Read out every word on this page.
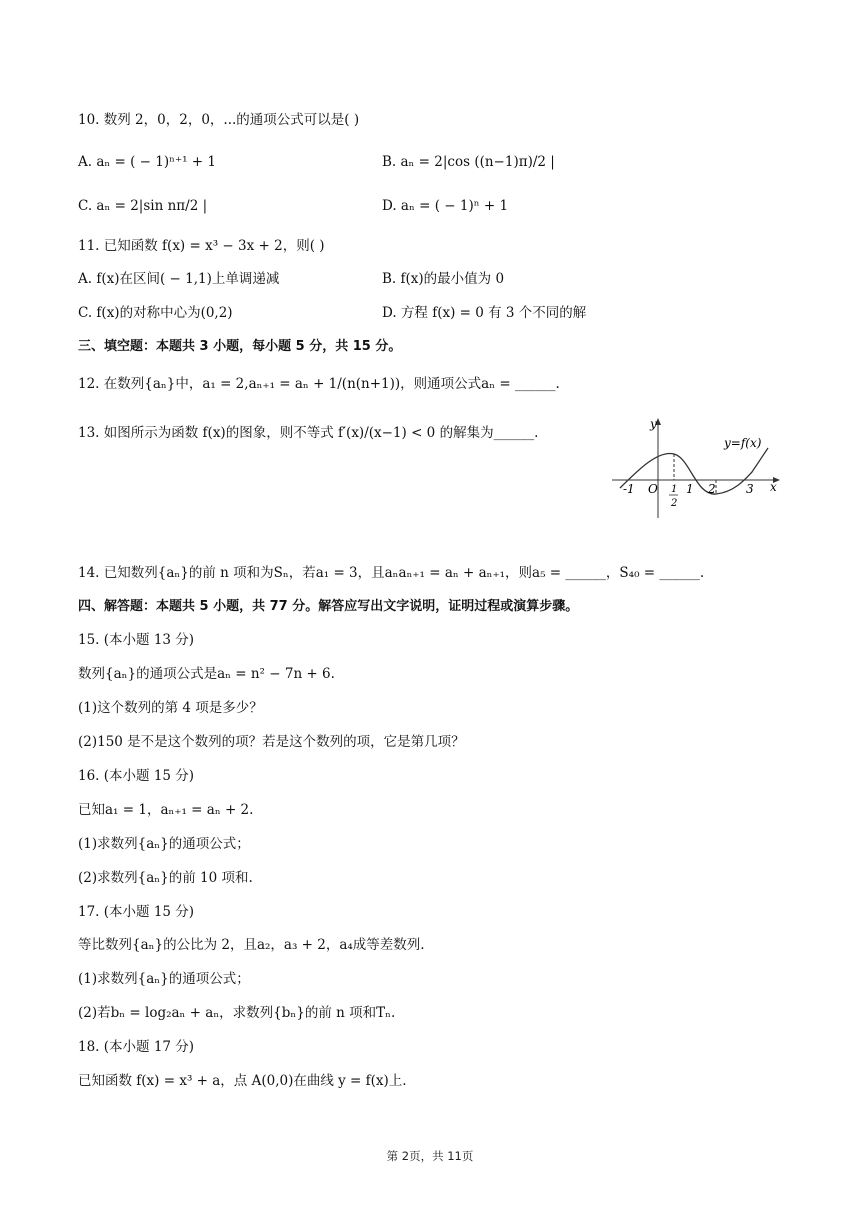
10. 数列 2，0，2，0，...的通项公式可以是( )
A. aₙ = ( − 1)ⁿ⁺¹ + 1	B. aₙ = 2|cos ((n−1)π)/2 |
C. aₙ = 2|sin nπ/2 |	D. aₙ = ( − 1)ⁿ + 1
11. 已知函数 f(x) = x³ − 3x + 2，则( )
A. f(x)在区间( − 1,1)上单调递减	B. f(x)的最小值为 0
C. f(x)的对称中心为(0,2)	D. 方程 f(x) = 0 有 3 个不同的解
三、填空题：本题共 3 小题，每小题 5 分，共 15 分。
12. 在数列{aₙ}中，a₁ = 2,aₙ₊₁ = aₙ + 1/(n(n+1))，则通项公式aₙ = ______.
13. 如图所示为函数 f(x)的图象，则不等式 f′(x)/(x−1) < 0 的解集为______.
y
x
y=f(x)
O
-1	1 2	3
1
2
14. 已知数列{aₙ}的前 n 项和为Sₙ，若a₁ = 3，且aₙaₙ₊₁ = aₙ + aₙ₊₁，则a₅ = ______，S₄₀ = ______.
四、解答题：本题共 5 小题，共 77 分。解答应写出文字说明，证明过程或演算步骤。
15. (本小题 13 分)
数列{aₙ}的通项公式是aₙ = n² − 7n + 6.
(1)这个数列的第 4 项是多少？
(2)150 是不是这个数列的项？若是这个数列的项，它是第几项？
16. (本小题 15 分)
已知a₁ = 1，aₙ₊₁ = aₙ + 2.
(1)求数列{aₙ}的通项公式；
(2)求数列{aₙ}的前 10 项和.
17. (本小题 15 分)
等比数列{aₙ}的公比为 2，且a₂，a₃ + 2，a₄成等差数列.
(1)求数列{aₙ}的通项公式；
(2)若bₙ = log₂aₙ + aₙ，求数列{bₙ}的前 n 项和Tₙ.
18. (本小题 17 分)
已知函数 f(x) = x³ + a，点 A(0,0)在曲线 y = f(x)上.
第 2页，共 11页
